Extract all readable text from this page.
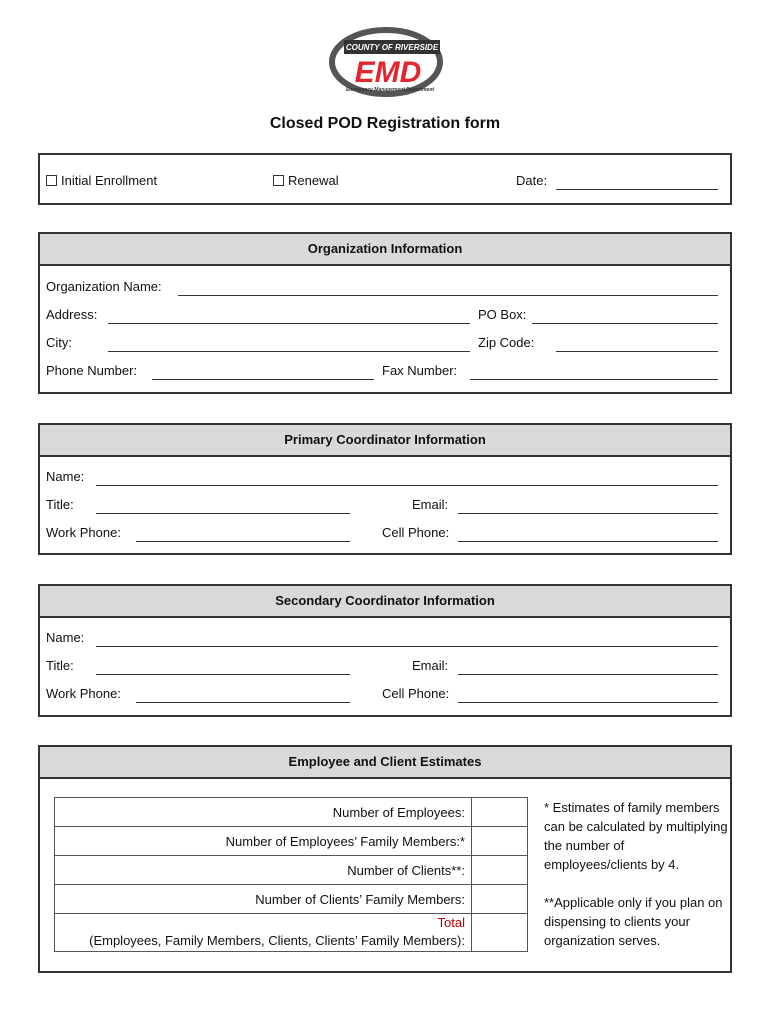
COUNTY OF RIVERSIDE
EMD
Emergency Management Department
Closed POD Registration form
Initial Enrollment	Renewal	Date:
Organization Information
Organization Name:
Address:	PO Box:
City:	Zip Code:
Phone Number:	Fax Number:
Primary Coordinator Information
Name:
Title:	Email:
Work Phone:	Cell Phone:
Secondary Coordinator Information
Name:
Title:	Email:
Work Phone:	Cell Phone:
Employee and Client Estimates
Number of Employees:	
Number of Employees’ Family Members:*	
Number of Clients**:	
Number of Clients’ Family Members:	
Total
(Employees, Family Members, Clients, Clients’ Family Members):	
* Estimates of family members can be calculated by multiplying the number of employees/clients by 4.
**Applicable only if you plan on dispensing to clients your organization serves.
